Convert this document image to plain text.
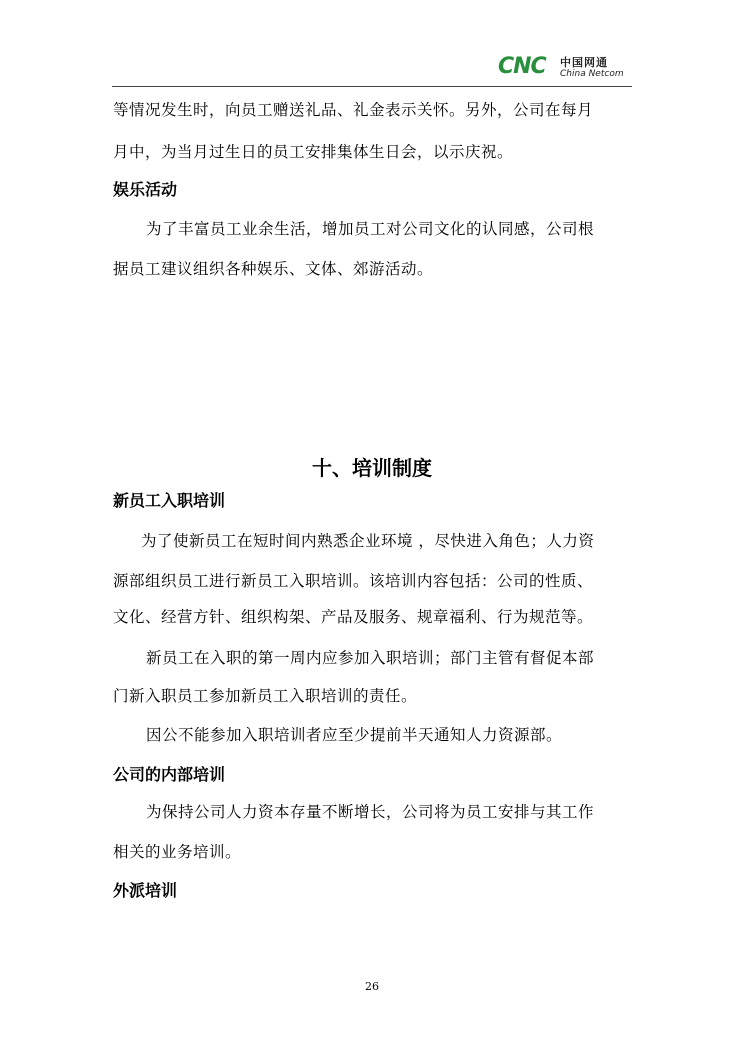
CNC 中国网通
China Netcom
等情况发生时，向员工赠送礼品、礼金表示关怀。另外，公司在每月
月中，为当月过生日的员工安排集体生日会，以示庆祝。
娱乐活动
为了丰富员工业余生活，增加员工对公司文化的认同感，公司根
据员工建议组织各种娱乐、文体、郊游活动。
十、培训制度
新员工入职培训
为了使新员工在短时间内熟悉企业环境 ，尽快进入角色；人力资
源部组织员工进行新员工入职培训。该培训内容包括：公司的性质、
文化、经营方针、组织构架、产品及服务、规章福利、行为规范等。
新员工在入职的第一周内应参加入职培训；部门主管有督促本部
门新入职员工参加新员工入职培训的责任。
因公不能参加入职培训者应至少提前半天通知人力资源部。
公司的内部培训
为保持公司人力资本存量不断增长，公司将为员工安排与其工作
相关的业务培训。
外派培训
26
